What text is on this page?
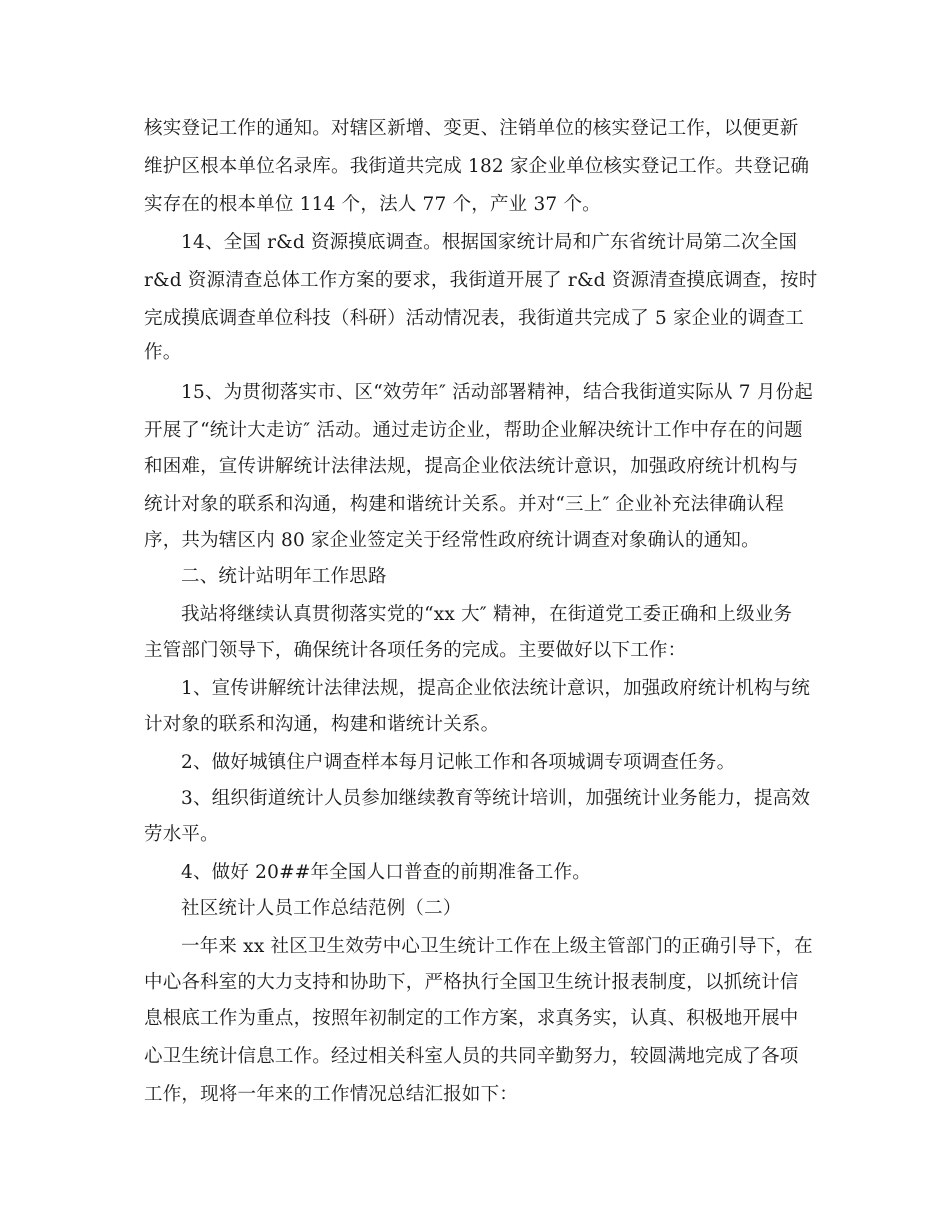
核实登记工作的通知。对辖区新增、变更、注销单位的核实登记工作，以便更新
维护区根本单位名录库。我街道共完成 182 家企业单位核实登记工作。共登记确
实存在的根本单位 114 个，法人 77 个，产业 37 个。
14、全国 r&d 资源摸底调查。根据国家统计局和广东省统计局第二次全国
r&d 资源清查总体工作方案的要求，我街道开展了 r&d 资源清查摸底调查，按时
完成摸底调查单位科技（科研）活动情况表，我街道共完成了 5 家企业的调查工
作。
15、为贯彻落实市、区“效劳年″ 活动部署精神，结合我街道实际从 7 月份起
开展了“统计大走访″ 活动。通过走访企业，帮助企业解决统计工作中存在的问题
和困难，宣传讲解统计法律法规，提高企业依法统计意识，加强政府统计机构与
统计对象的联系和沟通，构建和谐统计关系。并对“三上″ 企业补充法律确认程
序，共为辖区内 80 家企业签定关于经常性政府统计调查对象确认的通知。
二、统计站明年工作思路
我站将继续认真贯彻落实党的“xx 大″ 精神，在街道党工委正确和上级业务
主管部门领导下，确保统计各项任务的完成。主要做好以下工作：
1、宣传讲解统计法律法规，提高企业依法统计意识，加强政府统计机构与统
计对象的联系和沟通，构建和谐统计关系。
2、做好城镇住户调查样本每月记帐工作和各项城调专项调查任务。
3、组织街道统计人员参加继续教育等统计培训，加强统计业务能力，提高效
劳水平。
4、做好 20##年全国人口普查的前期准备工作。
社区统计人员工作总结范例（二）
一年来 xx 社区卫生效劳中心卫生统计工作在上级主管部门的正确引导下，在
中心各科室的大力支持和协助下，严格执行全国卫生统计报表制度，以抓统计信
息根底工作为重点，按照年初制定的工作方案，求真务实，认真、积极地开展中
心卫生统计信息工作。经过相关科室人员的共同辛勤努力，较圆满地完成了各项
工作，现将一年来的工作情况总结汇报如下：
